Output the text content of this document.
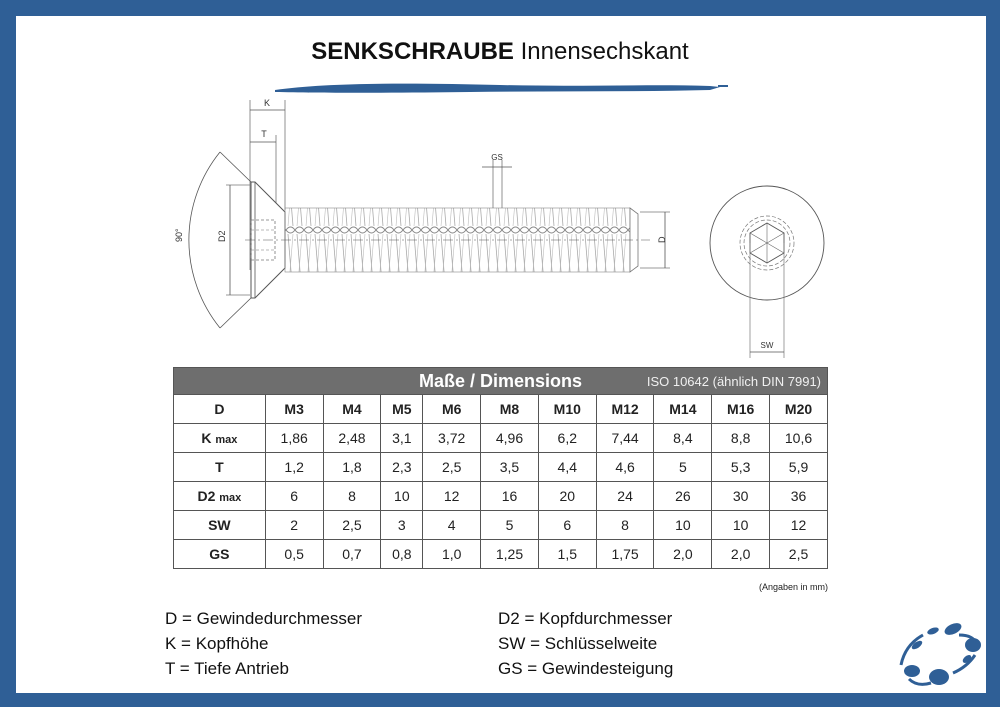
SENKSCHRAUBE Innensechskant
K
T
90°	D2
GS
D
SW
Maße / Dimensions ISO 10642 (ähnlich DIN 7991)										

D	M3	M4	M5	M6	M8	M10	M12	M14	M16	M20
K max	1,86	2,48	3,1	3,72	4,96	6,2	7,44	8,4	8,8	10,6
T	1,2	1,8	2,3	2,5	3,5	4,4	4,6	5	5,3	5,9
D2 max	6	8	10	12	16	20	24	26	30	36
SW	2	2,5	3	4	5	6	8	10	10	12
GS	0,5	0,7	0,8	1,0	1,25	1,5	1,75	2,0	2,0	2,5
(Angaben in mm)
D = Gewindedurchmesser
K = Kopfhöhe
T = Tiefe Antrieb
D2 = Kopfdurchmesser
SW = Schlüsselweite
GS = Gewindesteigung
